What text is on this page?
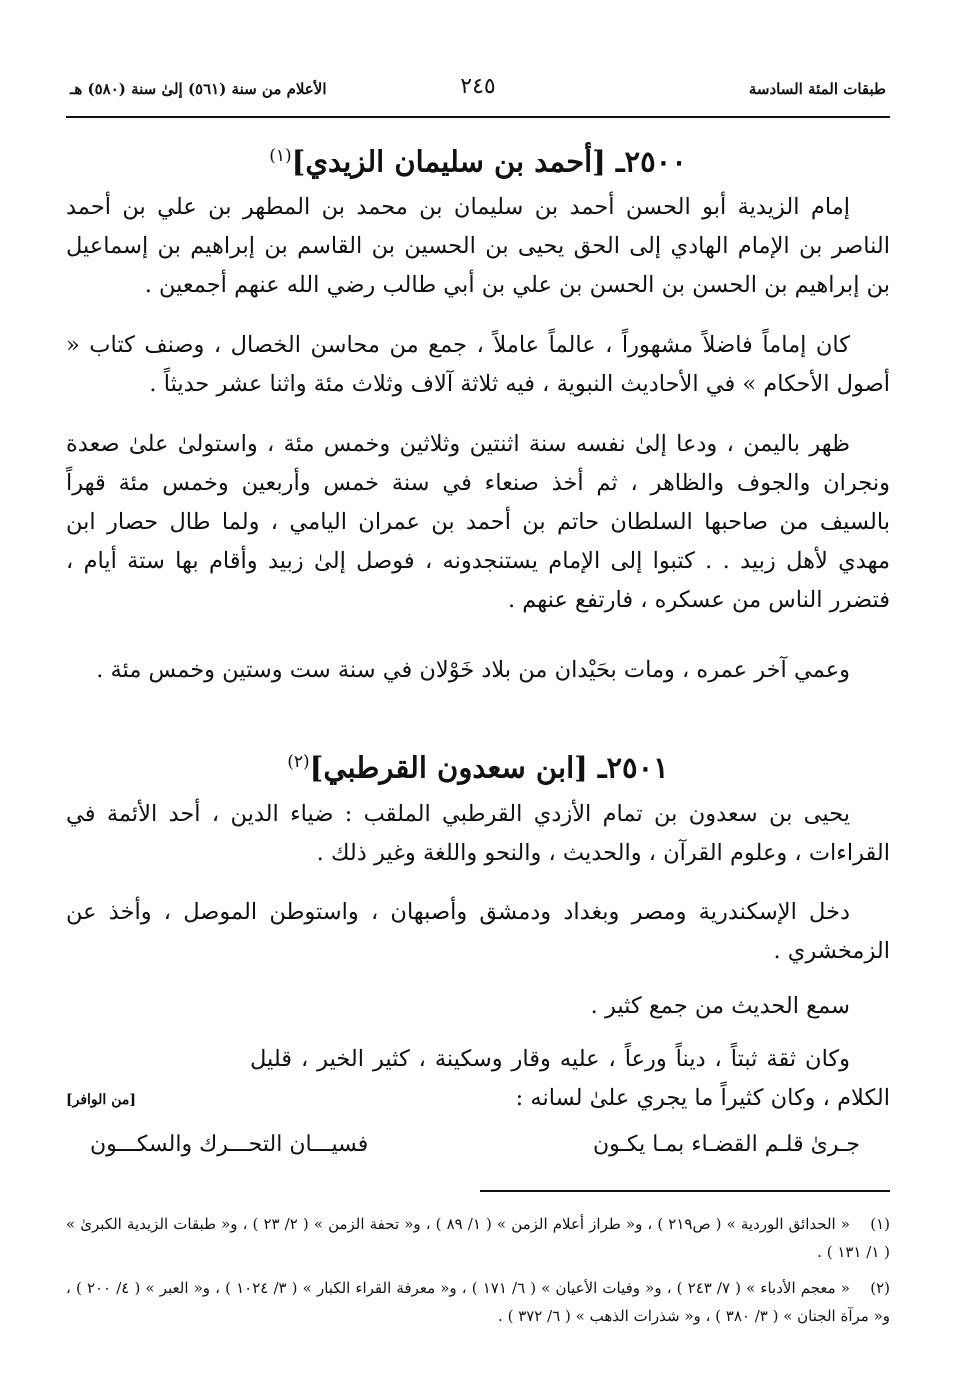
طبقات المئة السادسة
٢٤٥
الأعلام من سنة (٥٦١) إلىٰ سنة (٥٨٠) هـ
٢٥٠٠ـ [أحمد بن سليمان الزيدي]$^{(١)}$
إمام الزيدية أبو الحسن أحمد بن سليمان بن محمد بن المطهر بن علي بن أحمد الناصر بن الإمام الهادي إلى الحق يحيى بن الحسين بن القاسم بن إبراهيم بن إسماعيل بن إبراهيم بن الحسن بن الحسن بن علي بن أبي طالب رضي الله عنهم أجمعين .
كان إماماً فاضلاً مشهوراً ، عالماً عاملاً ، جمع من محاسن الخصال ، وصنف كتاب « أصول الأحكام » في الأحاديث النبوية ، فيه ثلاثة آلاف وثلاث مئة واثنا عشر حديثاً .
ظهر باليمن ، ودعا إلىٰ نفسه سنة اثنتين وثلاثين وخمس مئة ، واستولىٰ علىٰ صعدة ونجران والجوف والظاهر ، ثم أخذ صنعاء في سنة خمس وأربعين وخمس مئة قهراً بالسيف من صاحبها السلطان حاتم بن أحمد بن عمران اليامي ، ولما طال حصار ابن مهدي لأهل زبيد . . كتبوا إلى الإمام يستنجدونه ، فوصل إلىٰ زبيد وأقام بها ستة أيام ، فتضرر الناس من عسكره ، فارتفع عنهم .
وعمي آخر عمره ، ومات بحَيْدان من بلاد خَوْلان في سنة ست وستين وخمس مئة .
٢٥٠١ـ [ابن سعدون القرطبي]$^{(٢)}$
يحيى بن سعدون بن تمام الأزدي القرطبي الملقب : ضياء الدين ، أحد الأئمة في القراءات ، وعلوم القرآن ، والحديث ، والنحو واللغة وغير ذلك .
دخل الإسكندرية ومصر وبغداد ودمشق وأصبهان ، واستوطن الموصل ، وأخذ عن الزمخشري .
سمع الحديث من جمع كثير .
وكان ثقة ثبتاً ، ديناً ورعاً ، عليه وقار وسكينة ، كثير الخير ، قليل الكلام ، وكان كثيراً ما يجري علىٰ لسانه :
[من الوافر]
جـرىٰ قلـم القضـاء بمـا يكـون
فسيـــان التحـــرك والسكـــون
(١)« الحدائق الوردية » ( ص٢١٩ ) ، و« طراز أعلام الزمن » ( ١/ ٨٩ ) ، و« تحفة الزمن » ( ٢/ ٢٣ ) ، و« طبقات الزيدية الكبرىٰ » ( ١/ ١٣١ ) .
(٢)« معجم الأدباء » ( ٧/ ٢٤٣ ) ، و« وفيات الأعيان » ( ٦/ ١٧١ ) ، و« معرفة القراء الكبار » ( ٣/ ١٠٢٤ ) ، و« العبر » ( ٤/ ٢٠٠ ) ، و« مرآة الجنان » ( ٣/ ٣٨٠ ) ، و« شذرات الذهب » ( ٦/ ٣٧٢ ) .
